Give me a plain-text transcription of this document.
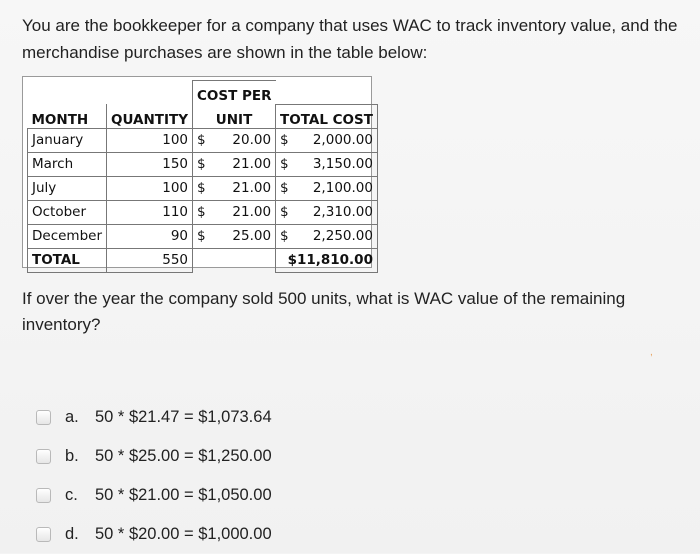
You are the bookkeeper for a company that uses WAC to track inventory value, and the merchandise purchases are shown in the table below:
		COST PER	
MONTH	QUANTITY	UNIT	TOTAL COST
January	100	$ 20.00	$ 2,000.00
March	150	$ 21.00	$ 3,150.00
July	100	$ 21.00	$ 2,100.00
October	110	$ 21.00	$ 2,310.00
December	90	$ 25.00	$ 2,250.00
TOTAL	550		$11,810.00
If over the year the company sold 500 units, what is WAC value of the remaining inventory?
,
a. 50 * $21.47 = $1,073.64
b. 50 * $25.00 = $1,250.00
c.	50 * $21.00 = $1,050.00
d. 50 * $20.00 = $1,000.00
